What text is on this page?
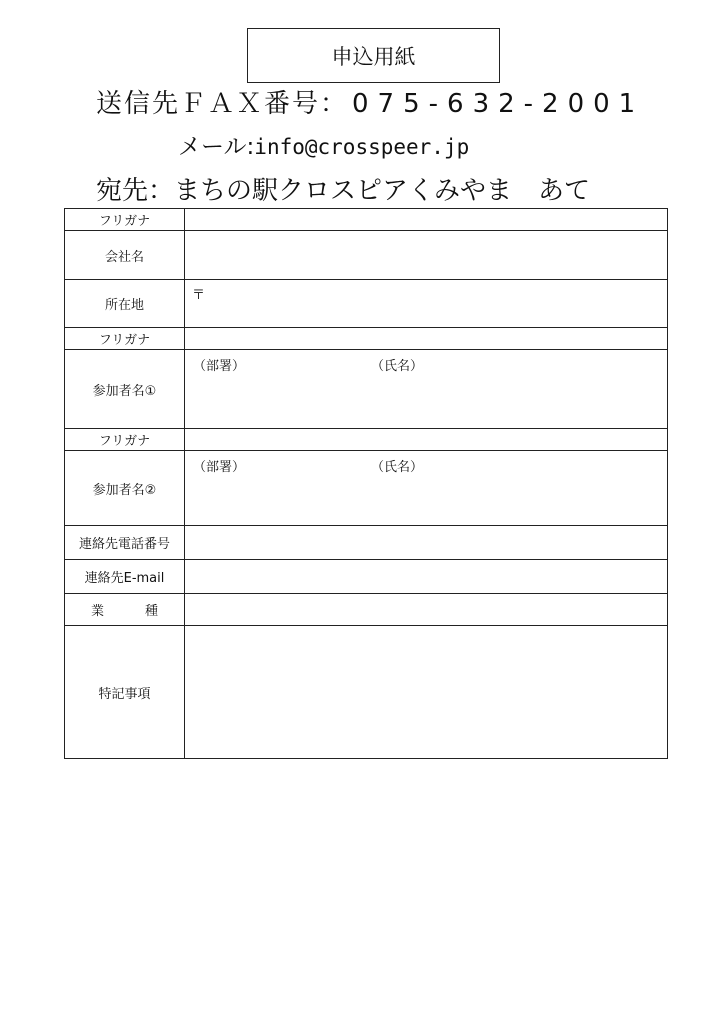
申込用紙
送信先ＦＡＸ番号： 075-632-2001
メール:info@crosspeer.jp
宛先：まちの駅クロスピアくみやま　あて
フリガナ	
会社名	
所在地	〒

フリガナ	
参加者名①	（部署） （氏名）

フリガナ	
参加者名②	（部署） （氏名）

連絡先電話番号	
連絡先E-mail	
業　種	
特記事項	
